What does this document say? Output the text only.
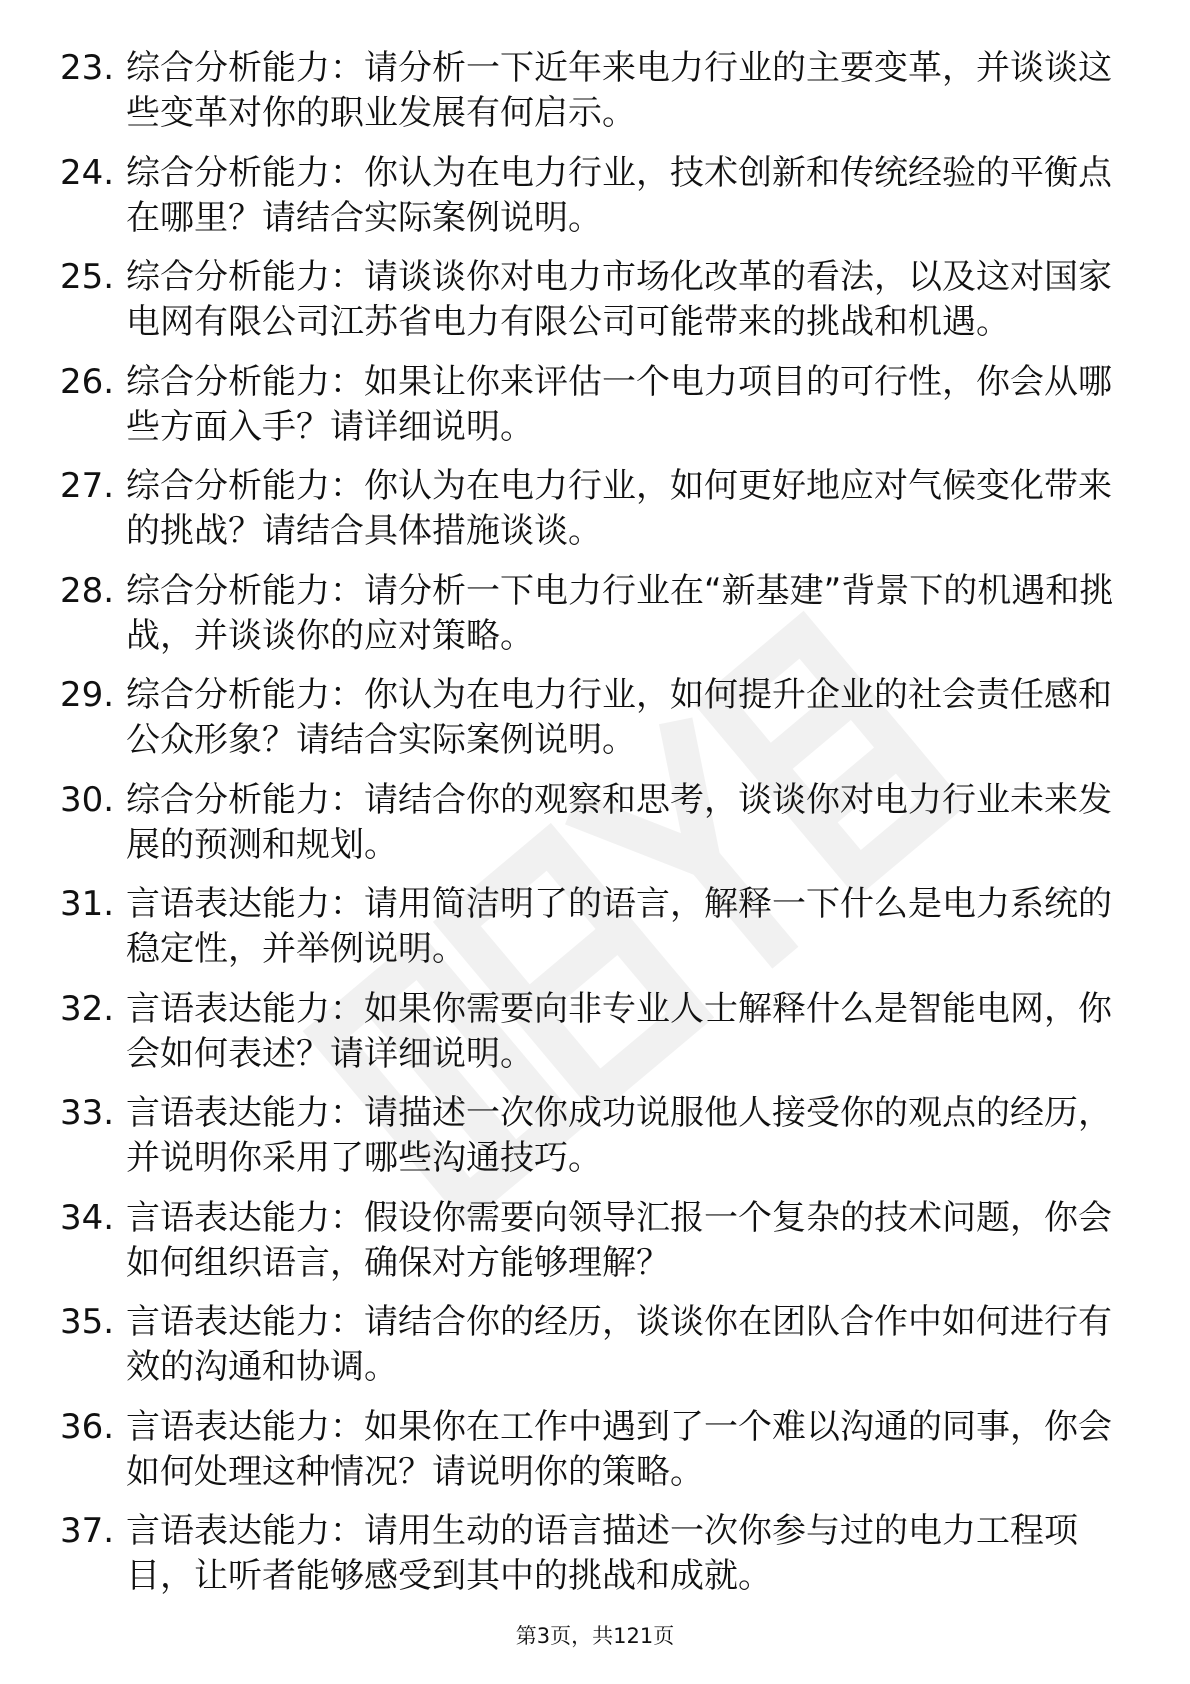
23. 综合分析能力：请分析一下近年来电力行业的主要变革，并谈谈这些变革对你的职业发展有何启示。
24. 综合分析能力：你认为在电力行业，技术创新和传统经验的平衡点在哪里？请结合实际案例说明。
25. 综合分析能力：请谈谈你对电力市场化改革的看法，以及这对国家电网有限公司江苏省电力有限公司可能带来的挑战和机遇。
26. 综合分析能力：如果让你来评估一个电力项目的可行性，你会从哪些方面入手？请详细说明。
27. 综合分析能力：你认为在电力行业，如何更好地应对气候变化带来的挑战？请结合具体措施谈谈。
28. 综合分析能力：请分析一下电力行业在“新基建”背景下的机遇和挑战，并谈谈你的应对策略。
29. 综合分析能力：你认为在电力行业，如何提升企业的社会责任感和公众形象？请结合实际案例说明。
30. 综合分析能力：请结合你的观察和思考，谈谈你对电力行业未来发展的预测和规划。
31. 言语表达能力：请用简洁明了的语言，解释一下什么是电力系统的稳定性，并举例说明。
32. 言语表达能力：如果你需要向非专业人士解释什么是智能电网，你会如何表述？请详细说明。
33. 言语表达能力：请描述一次你成功说服他人接受你的观点的经历，并说明你采用了哪些沟通技巧。
34. 言语表达能力：假设你需要向领导汇报一个复杂的技术问题，你会如何组织语言，确保对方能够理解？
35. 言语表达能力：请结合你的经历，谈谈你在团队合作中如何进行有效的沟通和协调。
36. 言语表达能力：如果你在工作中遇到了一个难以沟通的同事，你会如何处理这种情况？请说明你的策略。
37. 言语表达能力：请用生动的语言描述一次你参与过的电力工程项目，让听者能够感受到其中的挑战和成就。
第3页，共121页
